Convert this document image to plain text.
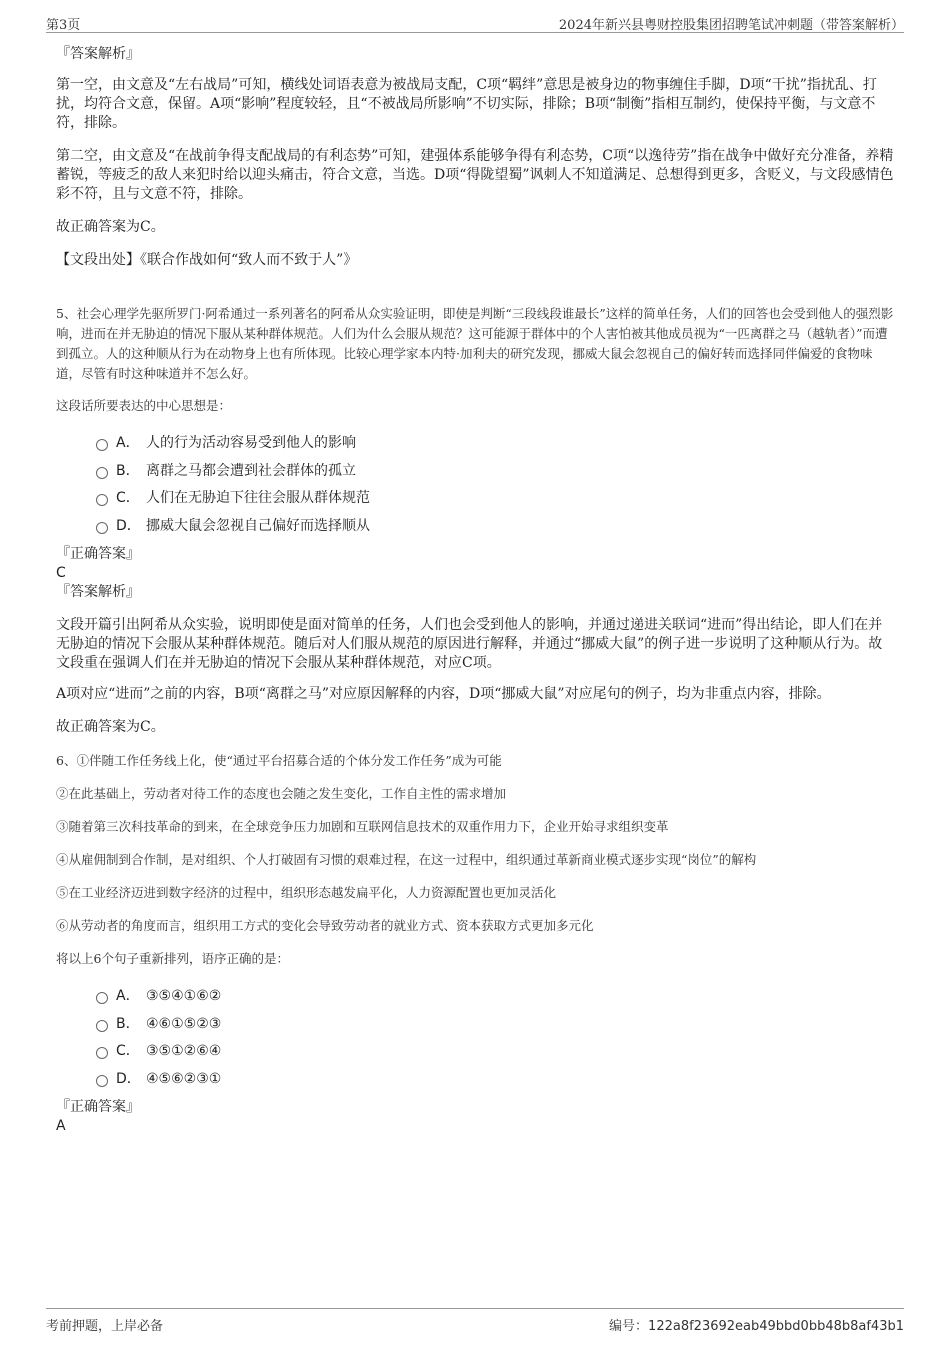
第3页	2024年新兴县粤财控股集团招聘笔试冲刺题（带答案解析）

『答案解析』

第一空，由文意及“左右战局”可知，横线处词语表意为被战局支配，C项“羁绊”意思是被身边的物事缠住手脚，D项“干扰”指扰乱、打扰，均符合文意，保留。A项“影响”程度较轻，且“不被战局所影响”不切实际，排除；B项“制衡”指相互制约，使保持平衡，与文意不符，排除。

第二空，由文意及“在战前争得支配战局的有利态势”可知，建强体系能够争得有利态势，C项“以逸待劳”指在战争中做好充分准备，养精蓄锐，等疲乏的敌人来犯时给以迎头痛击，符合文意，当选。D项“得陇望蜀”讽刺人不知道满足、总想得到更多，含贬义，与文段感情色彩不符，且与文意不符，排除。

故正确答案为C。

【文段出处】《联合作战如何“致人而不致于人”》

5、社会心理学先驱所罗门·阿希通过一系列著名的阿希从众实验证明，即使是判断“三段线段谁最长”这样的简单任务，人们的回答也会受到他人的强烈影响，进而在并无胁迫的情况下服从某种群体规范。人们为什么会服从规范？这可能源于群体中的个人害怕被其他成员视为“一匹离群之马（越轨者）”而遭到孤立。人的这种顺从行为在动物身上也有所体现。比较心理学家本内特·加利夫的研究发现，挪威大鼠会忽视自己的偏好转而选择同伴偏爱的食物味道，尽管有时这种味道并不怎么好。

这段话所要表达的中心思想是：

A． 人的行为活动容易受到他人的影响
B． 离群之马都会遭到社会群体的孤立
C． 人们在无胁迫下往往会服从群体规范
D． 挪威大鼠会忽视自己偏好而选择顺从

『正确答案』

C

『答案解析』

文段开篇引出阿希从众实验，说明即使是面对简单的任务，人们也会受到他人的影响，并通过递进关联词“进而”得出结论，即人们在并无胁迫的情况下会服从某种群体规范。随后对人们服从规范的原因进行解释，并通过“挪威大鼠”的例子进一步说明了这种顺从行为。故文段重在强调人们在并无胁迫的情况下会服从某种群体规范，对应C项。

A项对应“进而”之前的内容，B项“离群之马”对应原因解释的内容，D项“挪威大鼠”对应尾句的例子，均为非重点内容，排除。

故正确答案为C。

6、①伴随工作任务线上化，使“通过平台招募合适的个体分发工作任务”成为可能

②在此基础上，劳动者对待工作的态度也会随之发生变化，工作自主性的需求增加

③随着第三次科技革命的到来，在全球竞争压力加剧和互联网信息技术的双重作用力下，企业开始寻求组织变革

④从雇佣制到合作制，是对组织、个人打破固有习惯的艰难过程，在这一过程中，组织通过革新商业模式逐步实现“岗位”的解构

⑤在工业经济迈进到数字经济的过程中，组织形态越发扁平化，人力资源配置也更加灵活化

⑥从劳动者的角度而言，组织用工方式的变化会导致劳动者的就业方式、资本获取方式更加多元化

将以上6个句子重新排列，语序正确的是：

A． ③⑤④①⑥②
B． ④⑥①⑤②③
C． ③⑤①②⑥④
D． ④⑤⑥②③①

『正确答案』

A

考前押题，上岸必备	编号：122a8f23692eab49bbd0bb48b8af43b1
